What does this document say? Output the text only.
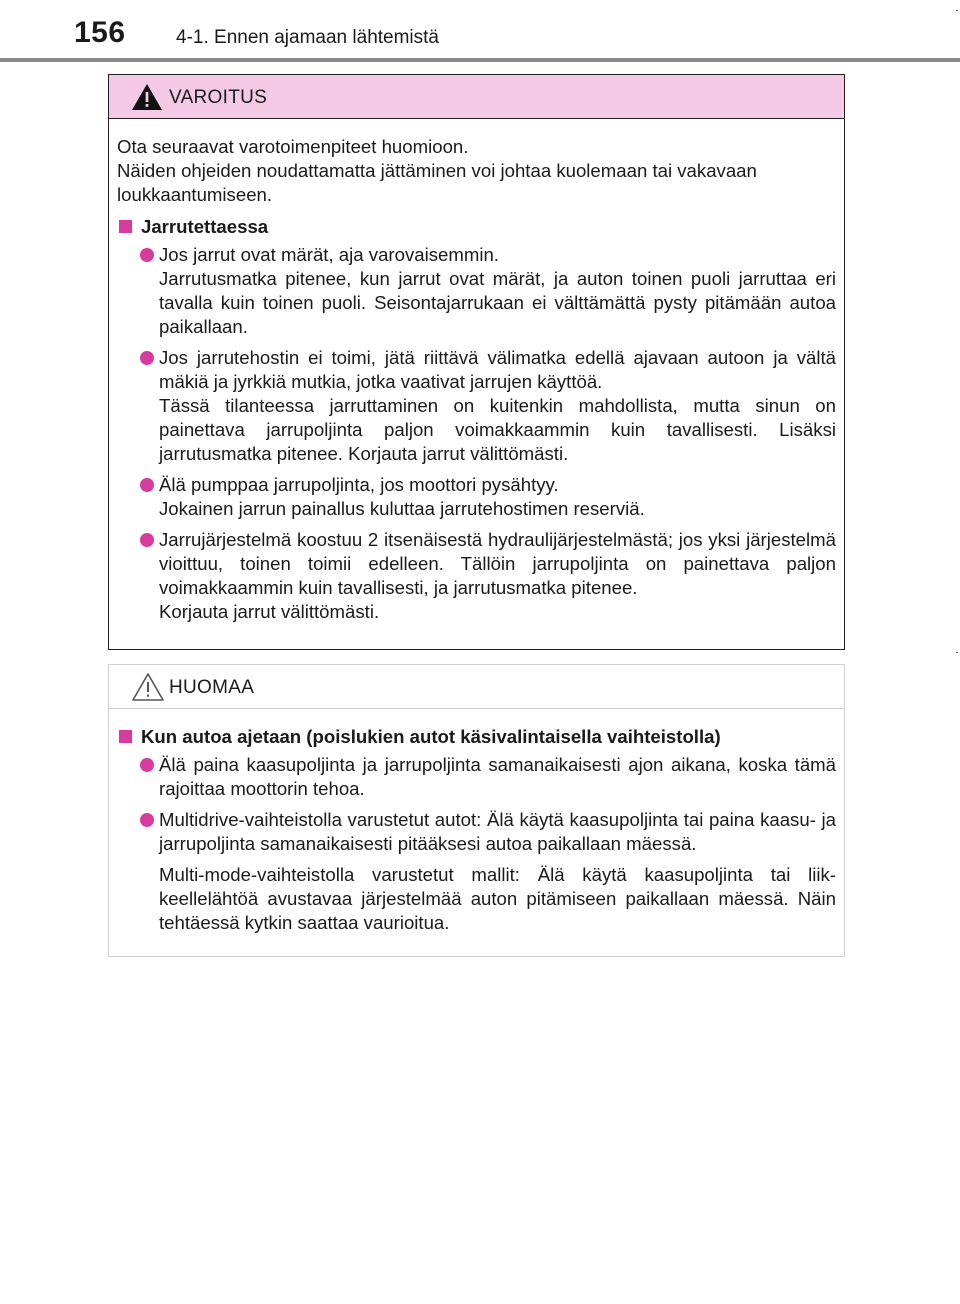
156	4-1. Ennen ajamaan lähtemistä
VAROITUS

Ota seuraavat varotoimenpiteet huomioon.
Näiden ohjeiden noudattamatta jättäminen voi johtaa kuolemaan tai vakavaan loukkaantumiseen.

Jarrutettaessa

Jos jarrut ovat märät, aja varovaisemmin.

Jarrutusmatka pitenee, kun jarrut ovat märät, ja auton toinen puoli jarruttaa eri tavalla kuin toinen puoli. Seisontajarrukaan ei välttämättä pysty pitämään autoa paikallaan.

Jos jarrutehostin ei toimi, jätä riittävä välimatka edellä ajavaan autoon ja vältä mäkiä ja jyrkkiä mutkia, jotka vaativat jarrujen käyttöä.

Tässä tilanteessa jarruttaminen on kuitenkin mahdollista, mutta sinun on painettava jarrupoljinta paljon voimakkaammin kuin tavallisesti. Lisäksi jarrutusmatka pitenee. Korjauta jarrut välittömästi.

Älä pumppaa jarrupoljinta, jos moottori pysähtyy.

Jokainen jarrun painallus kuluttaa jarrutehostimen reserviä.

Jarrujärjestelmä koostuu 2 itsenäisestä hydraulijärjestelmästä; jos yksi järjestelmä vioittuu, toinen toimii edelleen. Tällöin jarrupoljinta on painettava paljon voimakkaammin kuin tavallisesti, ja jarrutusmatka pitenee.

Korjauta jarrut välittömästi.

HUOMAA
Kun autoa ajetaan (poislukien autot käsivalintaisella vaihteistolla)

Älä paina kaasupoljinta ja jarrupoljinta samanaikaisesti ajon aikana, koska tämä rajoittaa moottorin tehoa.

Multidrive-vaihteistolla varustetut autot: Älä käytä kaasupoljinta tai paina kaasu- ja jarrupoljinta samanaikaisesti pitääksesi autoa paikallaan mäessä.

Multi-mode-vaihteistolla varustetut mallit: Älä käytä kaasupoljinta tai liik-keellelähtöä avustavaa järjestelmää auton pitämiseen paikallaan mäessä. Näin tehtäessä kytkin saattaa vaurioitua.
